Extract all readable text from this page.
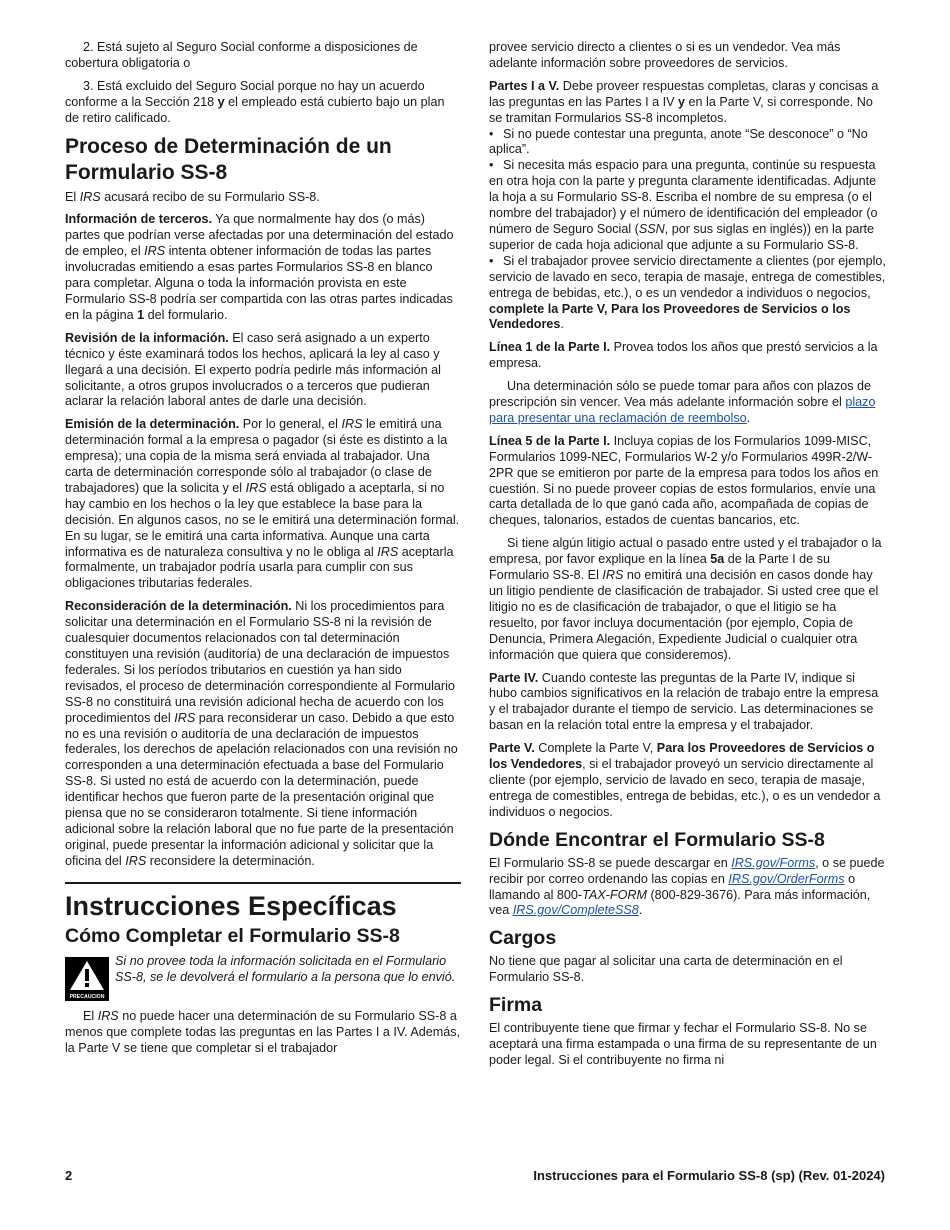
2. Está sujeto al Seguro Social conforme a disposiciones de cobertura obligatoria o

3. Está excluido del Seguro Social porque no hay un acuerdo conforme a la Sección 218 y el empleado está cubierto bajo un plan de retiro calificado.

Proceso de Determinación de un Formulario SS-8

El IRS acusará recibo de su Formulario SS-8.

Información de terceros. Ya que normalmente hay dos (o más) partes que podrían verse afectadas por una determinación del estado de empleo, el IRS intenta obtener información de todas las partes involucradas emitiendo a esas partes Formularios SS-8 en blanco para completar. Alguna o toda la información provista en este Formulario SS-8 podría ser compartida con las otras partes indicadas en la página 1 del formulario.

Revisión de la información. El caso será asignado a un experto técnico y éste examinará todos los hechos, aplicará la ley al caso y llegará a una decisión. El experto podría pedirle más información al solicitante, a otros grupos involucrados o a terceros que pudieran aclarar la relación laboral antes de darle una decisión.

Emisión de la determinación. Por lo general, el IRS le emitirá una determinación formal a la empresa o pagador (si éste es distinto a la empresa); una copia de la misma será enviada al trabajador. Una carta de determinación corresponde sólo al trabajador (o clase de trabajadores) que la solicita y el IRS está obligado a aceptarla, si no hay cambio en los hechos o la ley que establece la base para la decisión. En algunos casos, no se le emitirá una determinación formal. En su lugar, se le emitirá una carta informativa. Aunque una carta informativa es de naturaleza consultiva y no le obliga al IRS aceptarla formalmente, un trabajador podría usarla para cumplir con sus obligaciones tributarias federales.

Reconsideración de la determinación. Ni los procedimientos para solicitar una determinación en el Formulario SS-8 ni la revisión de cualesquier documentos relacionados con tal determinación constituyen una revisión (auditoría) de una declaración de impuestos federales. Si los períodos tributarios en cuestión ya han sido revisados, el proceso de determinación correspondiente al Formulario SS-8 no constituirá una revisión adicional hecha de acuerdo con los procedimientos del IRS para reconsiderar un caso. Debido a que esto no es una revisión o auditoría de una declaración de impuestos federales, los derechos de apelación relacionados con una revisión no corresponden a una determinación efectuada a base del Formulario SS-8. Si usted no está de acuerdo con la determinación, puede identificar hechos que fueron parte de la presentación original que piensa que no se consideraron totalmente. Si tiene información adicional sobre la relación laboral que no fue parte de la presentación original, puede presentar la información adicional y solicitar que la oficina del IRS reconsidere la determinación.

Instrucciones Específicas
Cómo Completar el Formulario SS-8
PRECAUCION
Si no provee toda la información solicitada en el Formulario SS-8, se le devolverá el formulario a la persona que lo envió.

El IRS no puede hacer una determinación de su Formulario SS-8 a menos que complete todas las preguntas en las Partes I a IV. Además, la Parte V se tiene que completar si el trabajador

provee servicio directo a clientes o si es un vendedor. Vea más adelante información sobre proveedores de servicios.

Partes I a V. Debe proveer respuestas completas, claras y concisas a las preguntas en las Partes I a IV y en la Parte V, si corresponde. No se tramitan Formularios SS-8 incompletos.

• Si no puede contestar una pregunta, anote “Se desconoce” o “No aplica”.

• Si necesita más espacio para una pregunta, continúe su respuesta en otra hoja con la parte y pregunta claramente identificadas. Adjunte la hoja a su Formulario SS-8. Escriba el nombre de su empresa (o el nombre del trabajador) y el número de identificación del empleador (o número de Seguro Social (SSN, por sus siglas en inglés)) en la parte superior de cada hoja adicional que adjunte a su Formulario SS-8.

• Si el trabajador provee servicio directamente a clientes (por ejemplo, servicio de lavado en seco, terapia de masaje, entrega de comestibles, entrega de bebidas, etc.), o es un vendedor a individuos o negocios, complete la Parte V, Para los Proveedores de Servicios o los Vendedores.

Línea 1 de la Parte I. Provea todos los años que prestó servicios a la empresa.

Una determinación sólo se puede tomar para años con plazos de prescripción sin vencer. Vea más adelante información sobre el plazo para presentar una reclamación de reembolso.

Línea 5 de la Parte I. Incluya copias de los Formularios 1099-MISC, Formularios 1099-NEC, Formularios W-2 y/o Formularios 499R-2/W-2PR que se emitieron por parte de la empresa para todos los años en cuestión. Si no puede proveer copias de estos formularios, envíe una carta detallada de lo que ganó cada año, acompañada de copias de cheques, talonarios, estados de cuentas bancarios, etc.

Si tiene algún litigio actual o pasado entre usted y el trabajador o la empresa, por favor explique en la línea 5a de la Parte I de su Formulario SS-8. El IRS no emitirá una decisión en casos donde hay un litigio pendiente de clasificación de trabajador. Si usted cree que el litigio no es de clasificación de trabajador, o que el litigio se ha resuelto, por favor incluya documentación (por ejemplo, Copia de Denuncia, Primera Alegación, Expediente Judicial o cualquier otra información que quiera que consideremos).

Parte IV. Cuando conteste las preguntas de la Parte IV, indique si hubo cambios significativos en la relación de trabajo entre la empresa y el trabajador durante el tiempo de servicio. Las determinaciones se basan en la relación total entre la empresa y el trabajador.

Parte V. Complete la Parte V, Para los Proveedores de Servicios o los Vendedores, si el trabajador proveyó un servicio directamente al cliente (por ejemplo, servicio de lavado en seco, terapia de masaje, entrega de comestibles, entrega de bebidas, etc.), o es un vendedor a individuos o negocios.

Dónde Encontrar el Formulario SS-8

El Formulario SS-8 se puede descargar en IRS.gov/Forms, o se puede recibir por correo ordenando las copias en IRS.gov/OrderForms o llamando al 800-TAX-FORM (800-829-3676). Para más información, vea IRS.gov/CompleteSS8.

Cargos

No tiene que pagar al solicitar una carta de determinación en el Formulario SS-8.

Firma

El contribuyente tiene que firmar y fechar el Formulario SS-8. No se aceptará una firma estampada o una firma de su representante de un poder legal. Si el contribuyente no firma ni

2	Instrucciones para el Formulario SS-8 (sp) (Rev. 01-2024)
